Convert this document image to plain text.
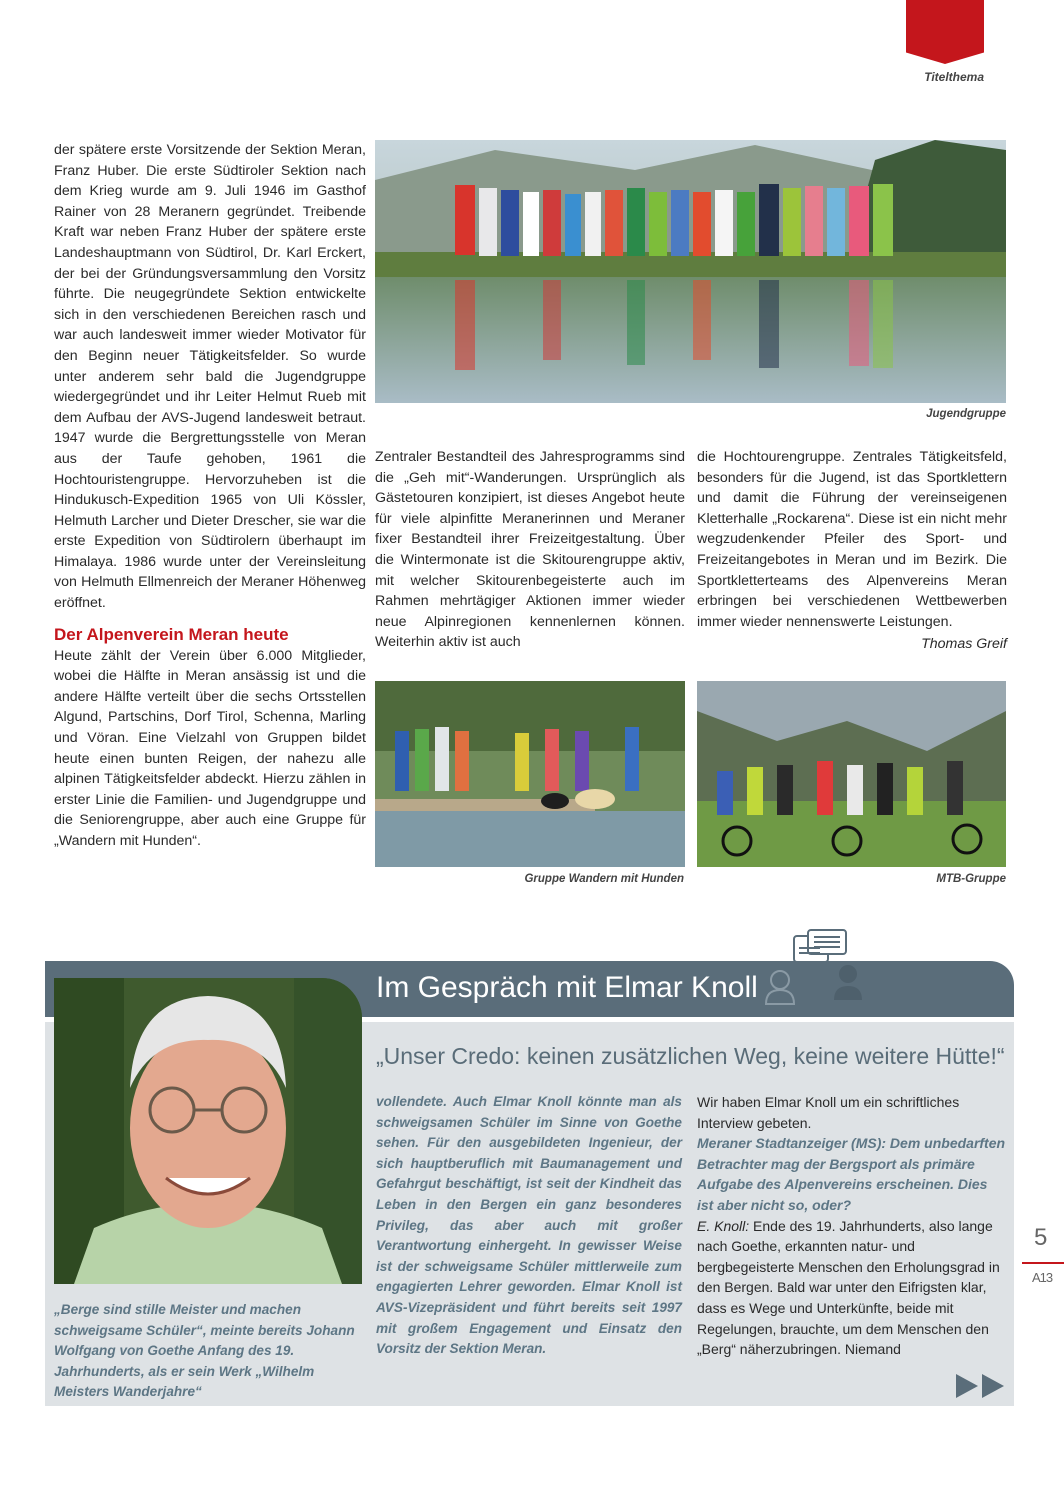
Titelthema

der spätere erste Vorsitzende der Sektion Meran, Franz Huber. Die erste Südtiroler Sektion nach dem Krieg wurde am 9. Juli 1946 im Gasthof Rainer von 28 Meranern gegründet. Treibende Kraft war neben Franz Huber der spätere erste Landeshauptmann von Südtirol, Dr. Karl Erckert, der bei der Gründungsversammlung den Vorsitz führte. Die neugegründete Sektion entwickelte sich in den verschiedenen Bereichen rasch und war auch landesweit immer wieder Motivator für den Beginn neuer Tätigkeitsfelder. So wurde unter anderem sehr bald die Jugendgruppe wiedergegründet und ihr Leiter Helmut Rueb mit dem Aufbau der AVS-Jugend landesweit betraut. 1947 wurde die Bergrettungsstelle von Meran aus der Taufe gehoben, 1961 die Hochtouristengruppe. Hervorzuheben ist die Hindukusch-Expedition 1965 von Uli Kössler, Helmuth Larcher und Dieter Drescher, sie war die erste Expedition von Südtirolern überhaupt im Himalaya. 1986 wurde unter der Vereinsleitung von Helmuth Ellmenreich der Meraner Höhenweg eröffnet.

Der Alpenverein Meran heute

Heute zählt der Verein über 6.000 Mitglieder, wobei die Hälfte in Meran ansässig ist und die andere Hälfte verteilt über die sechs Ortsstellen Algund, Partschins, Dorf Tirol, Schenna, Marling und Vöran. Eine Vielzahl von Gruppen bildet heute einen bunten Reigen, der nahezu alle alpinen Tätigkeitsfelder abdeckt. Hierzu zählen in erster Linie die Familien- und Jugendgruppe und die Seniorengruppe, aber auch eine Gruppe für „Wandern mit Hunden“.

Jugendgruppe

Zentraler Bestandteil des Jahresprogramms sind die „Geh mit“-Wanderungen. Ursprünglich als Gästetouren konzipiert, ist dieses Angebot heute für viele alpinfitte Meranerinnen und Meraner fixer Bestandteil ihrer Freizeitgestaltung. Über die Wintermonate ist die Skitourengruppe aktiv, mit welcher Skitourenbegeisterte auch im Rahmen mehrtägiger Aktionen immer wieder neue Alpinregionen kennenlernen können. Weiterhin aktiv ist auch

die Hochtourengruppe. Zentrales Tätigkeitsfeld, besonders für die Jugend, ist das Sportklettern und damit die Führung der vereinseigenen Kletterhalle „Rockarena“. Diese ist ein nicht mehr wegzudenkender Pfeiler des Sport- und Freizeitangebotes in Meran und im Bezirk. Die Sportkletterteams des Alpenvereins Meran erbringen bei verschiedenen Wettbewerben immer wieder nennenswerte Leistungen.

Thomas Greif

Gruppe Wandern mit Hunden	MTB-Gruppe
Im Gespräch mit Elmar Knoll
„Berge sind stille Meister und machen schweigsame Schüler“, meinte bereits Johann Wolfgang von Goethe Anfang des 19. Jahrhunderts, als er sein Werk „Wilhelm Meisters Wanderjahre“
„Unser Credo: keinen zusätzlichen Weg, keine weitere Hütte!“
vollendete. Auch Elmar Knoll könnte man als schweigsamen Schüler im Sinne von Goethe sehen. Für den ausgebildeten Ingenieur, der sich hauptberuflich mit Baumanagement und Gefahrgut beschäftigt, ist seit der Kindheit das Leben in den Bergen ein ganz besonderes Privileg, das aber auch mit großer Verantwortung einhergeht. In gewisser Weise ist der schweigsame Schüler mittlerweile zum engagierten Lehrer geworden. Elmar Knoll ist AVS-Vizepräsident und führt bereits seit 1997 mit großem Engagement und Einsatz den Vorsitz der Sektion Meran.

Wir haben Elmar Knoll um ein schriftliches Interview gebeten.

Meraner Stadtanzeiger (MS): Dem unbedarften Betrachter mag der Bergsport als primäre Aufgabe des Alpenvereins erscheinen. Dies ist aber nicht so, oder?

E. Knoll: Ende des 19. Jahrhunderts, also lange nach Goethe, erkannten natur- und bergbegeisterte Menschen den Erholungsgrad in den Bergen. Bald war unter den Eifrigsten klar, dass es Wege und Unterkünfte, beide mit Regelungen, brauchte, um dem Menschen den „Berg“ näherzubringen. Niemand

5
A13
